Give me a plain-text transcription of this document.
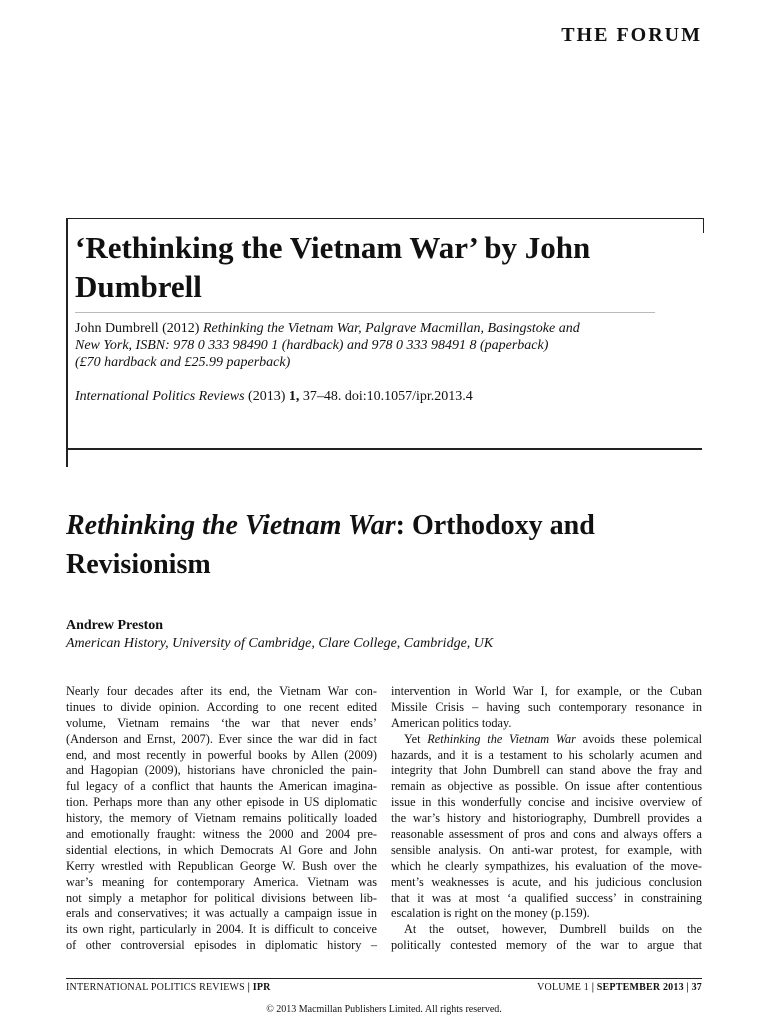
THE FORUM
‘Rethinking the Vietnam War’ by John Dumbrell
John Dumbrell (2012) Rethinking the Vietnam War, Palgrave Macmillan, Basingstoke and
New York, ISBN: 978 0 333 98490 1 (hardback) and 978 0 333 98491 8 (paperback)
(£70 hardback and £25.99 paperback)
International Politics Reviews (2013) 1, 37–48. doi:10.1057/ipr.2013.4
Rethinking the Vietnam War: Orthodoxy and Revisionism
Andrew Preston
American History, University of Cambridge, Clare College, Cambridge, UK
Nearly four decades after its end, the Vietnam War con-
tinues to divide opinion. According to one recent edited
volume, Vietnam remains ‘the war that never ends’
(Anderson and Ernst, 2007). Ever since the war did in fact
end, and most recently in powerful books by Allen (2009)
and Hagopian (2009), historians have chronicled the pain-
ful legacy of a conflict that haunts the American imagina-
tion. Perhaps more than any other episode in US diplomatic
history, the memory of Vietnam remains politically loaded
and emotionally fraught: witness the 2000 and 2004 pre-
sidential elections, in which Democrats Al Gore and John
Kerry wrestled with Republican George W. Bush over the
war’s meaning for contemporary America. Vietnam was
not simply a metaphor for political divisions between lib-
erals and conservatives; it was actually a campaign issue in
its own right, particularly in 2004. It is difficult to conceive
of other controversial episodes in diplomatic history –
intervention in World War I, for example, or the Cuban
Missile Crisis – having such contemporary resonance in
American politics today.
Yet Rethinking the Vietnam War avoids these polemical
hazards, and it is a testament to his scholarly acumen and
integrity that John Dumbrell can stand above the fray and
remain as objective as possible. On issue after contentious
issue in this wonderfully concise and incisive overview of
the war’s history and historiography, Dumbrell provides a
reasonable assessment of pros and cons and always offers a
sensible analysis. On anti-war protest, for example, with
which he clearly sympathizes, his evaluation of the move-
ment’s weaknesses is acute, and his judicious conclusion
that it was at most ‘a qualified success’ in constraining
escalation is right on the money (p.159).
At the outset, however, Dumbrell builds on the
politically contested memory of the war to argue that
INTERNATIONAL POLITICS REVIEWS | IPR	VOLUME 1 | SEPTEMBER 2013 | 37
© 2013 Macmillan Publishers Limited. All rights reserved.
